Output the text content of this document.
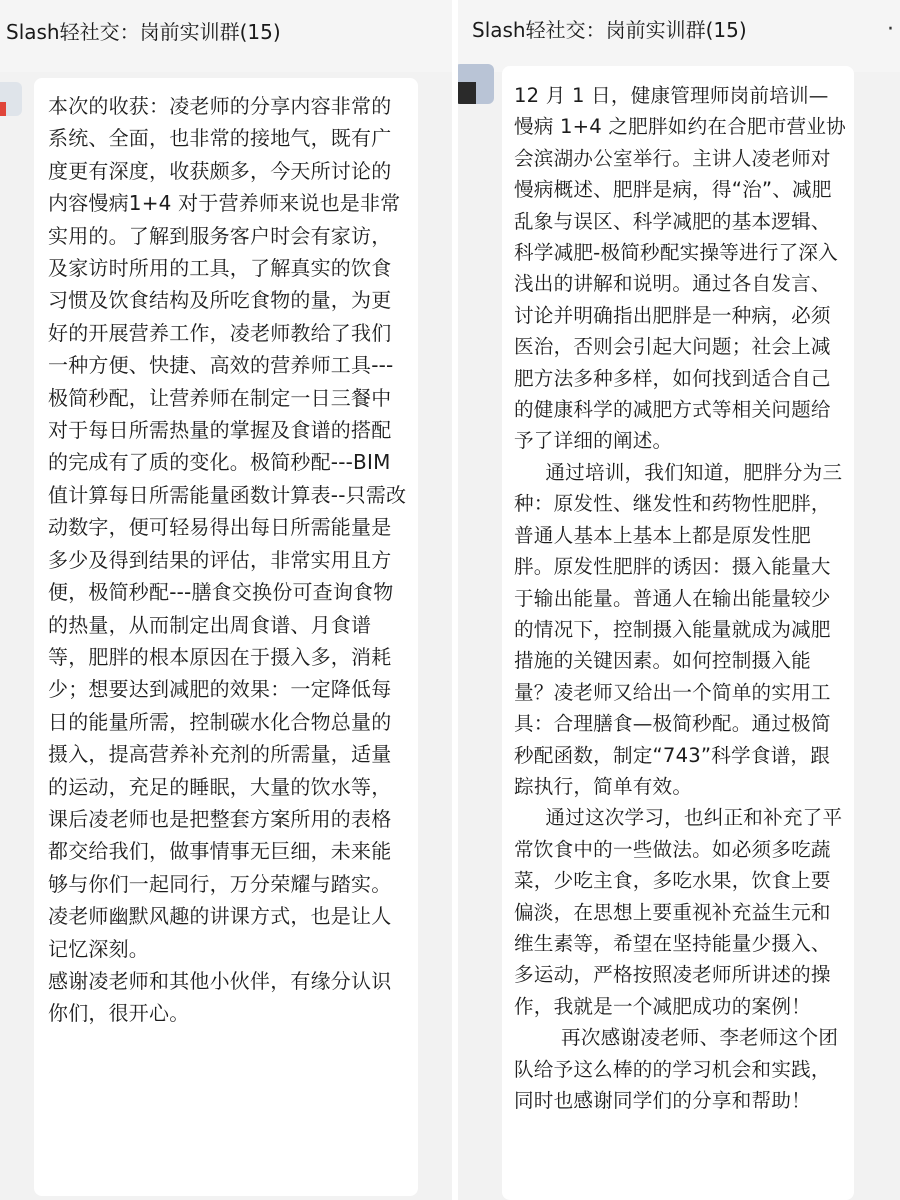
Slash轻社交：岗前实训群(15)

本次的收获：凌老师的分享内容非常的系统、全面，也非常的接地气，既有广度更有深度，收获颇多，今天所讨论的内容慢病1+4 对于营养师来说也是非常实用的。了解到服务客户时会有家访，及家访时所用的工具，了解真实的饮食习惯及饮食结构及所吃食物的量，为更好的开展营养工作，凌老师教给了我们一种方便、快捷、高效的营养师工具---极简秒配，让营养师在制定一日三餐中对于每日所需热量的掌握及食谱的搭配的完成有了质的变化。极简秒配---BIM 值计算每日所需能量函数计算表--只需改动数字，便可轻易得出每日所需能量是多少及得到结果的评估，非常实用且方便，极简秒配---膳食交换份可查询食物的热量，从而制定出周食谱、月食谱等，肥胖的根本原因在于摄入多，消耗少；想要达到减肥的效果：一定降低每日的能量所需，控制碳水化合物总量的摄入，提高营养补充剂的所需量，适量的运动，充足的睡眠，大量的饮水等，课后凌老师也是把整套方案所用的表格都交给我们，做事情事无巨细，未来能够与你们一起同行，万分荣耀与踏实。凌老师幽默风趣的讲课方式，也是让人记忆深刻。

感谢凌老师和其他小伙伴，有缘分认识你们，很开心。

Slash轻社交：岗前实训群(15)	·

12 月 1 日，健康管理师岗前培训—慢病 1+4 之肥胖如约在合肥市营业协会滨湖办公室举行。主讲人凌老师对慢病概述、肥胖是病，得“治”、减肥乱象与误区、科学减肥的基本逻辑、科学减肥-极简秒配实操等进行了深入浅出的讲解和说明。通过各自发言、讨论并明确指出肥胖是一种病，必须医治，否则会引起大问题；社会上减肥方法多种多样，如何找到适合自己的健康科学的减肥方式等相关问题给予了详细的阐述。

通过培训，我们知道，肥胖分为三种：原发性、继发性和药物性肥胖，普通人基本上基本上都是原发性肥胖。原发性肥胖的诱因：摄入能量大于输出能量。普通人在输出能量较少的情况下，控制摄入能量就成为减肥措施的关键因素。如何控制摄入能量？凌老师又给出一个简单的实用工具：合理膳食—极简秒配。通过极简秒配函数，制定“743”科学食谱，跟踪执行，简单有效。

通过这次学习，也纠正和补充了平常饮食中的一些做法。如必须多吃蔬菜，少吃主食，多吃水果，饮食上要偏淡，在思想上要重视补充益生元和维生素等，希望在坚持能量少摄入、多运动，严格按照凌老师所讲述的操作，我就是一个减肥成功的案例！

再次感谢凌老师、李老师这个团队给予这么棒的的学习机会和实践，同时也感谢同学们的分享和帮助！
